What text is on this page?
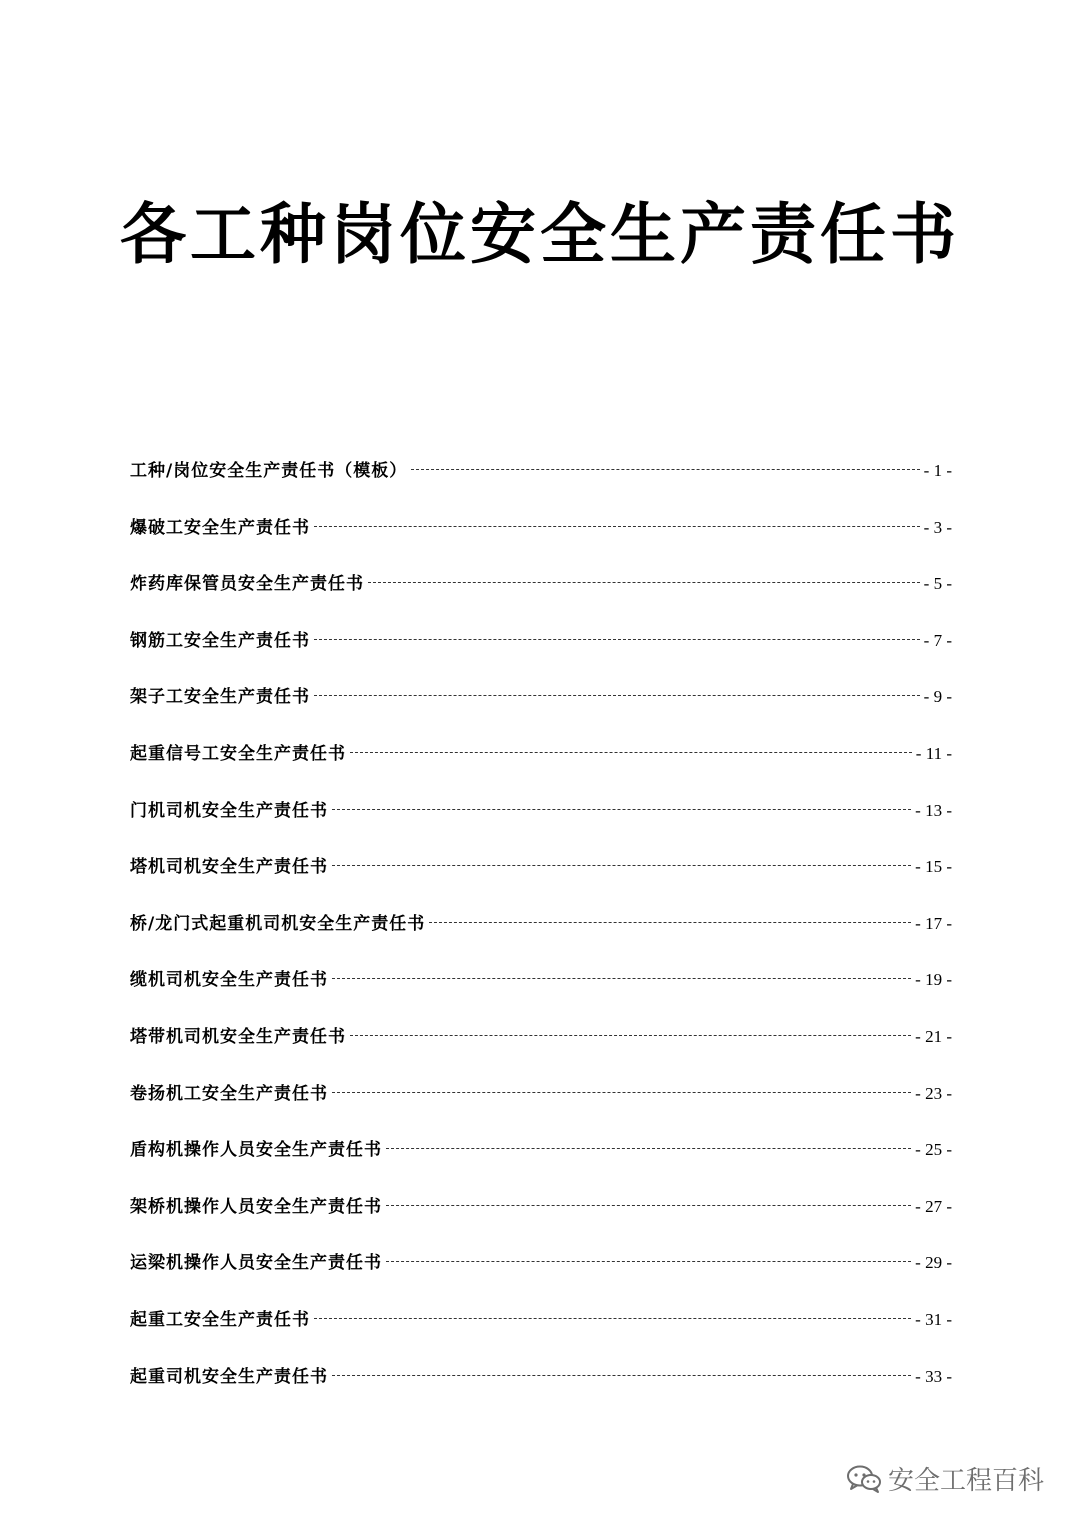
各工种岗位安全生产责任书
工种/岗位安全生产责任书（模板）	- 1 -
爆破工安全生产责任书	- 3 -
炸药库保管员安全生产责任书	- 5 -
钢筋工安全生产责任书	- 7 -
架子工安全生产责任书	- 9 -
起重信号工安全生产责任书	- 11 -
门机司机安全生产责任书	- 13 -
塔机司机安全生产责任书	- 15 -
桥/龙门式起重机司机安全生产责任书	- 17 -
缆机司机安全生产责任书	- 19 -
塔带机司机安全生产责任书	- 21 -
卷扬机工安全生产责任书	- 23 -
盾构机操作人员安全生产责任书	- 25 -
架桥机操作人员安全生产责任书	- 27 -
运梁机操作人员安全生产责任书	- 29 -
起重工安全生产责任书	- 31 -
起重司机安全生产责任书	- 33 -
安全工程百科
